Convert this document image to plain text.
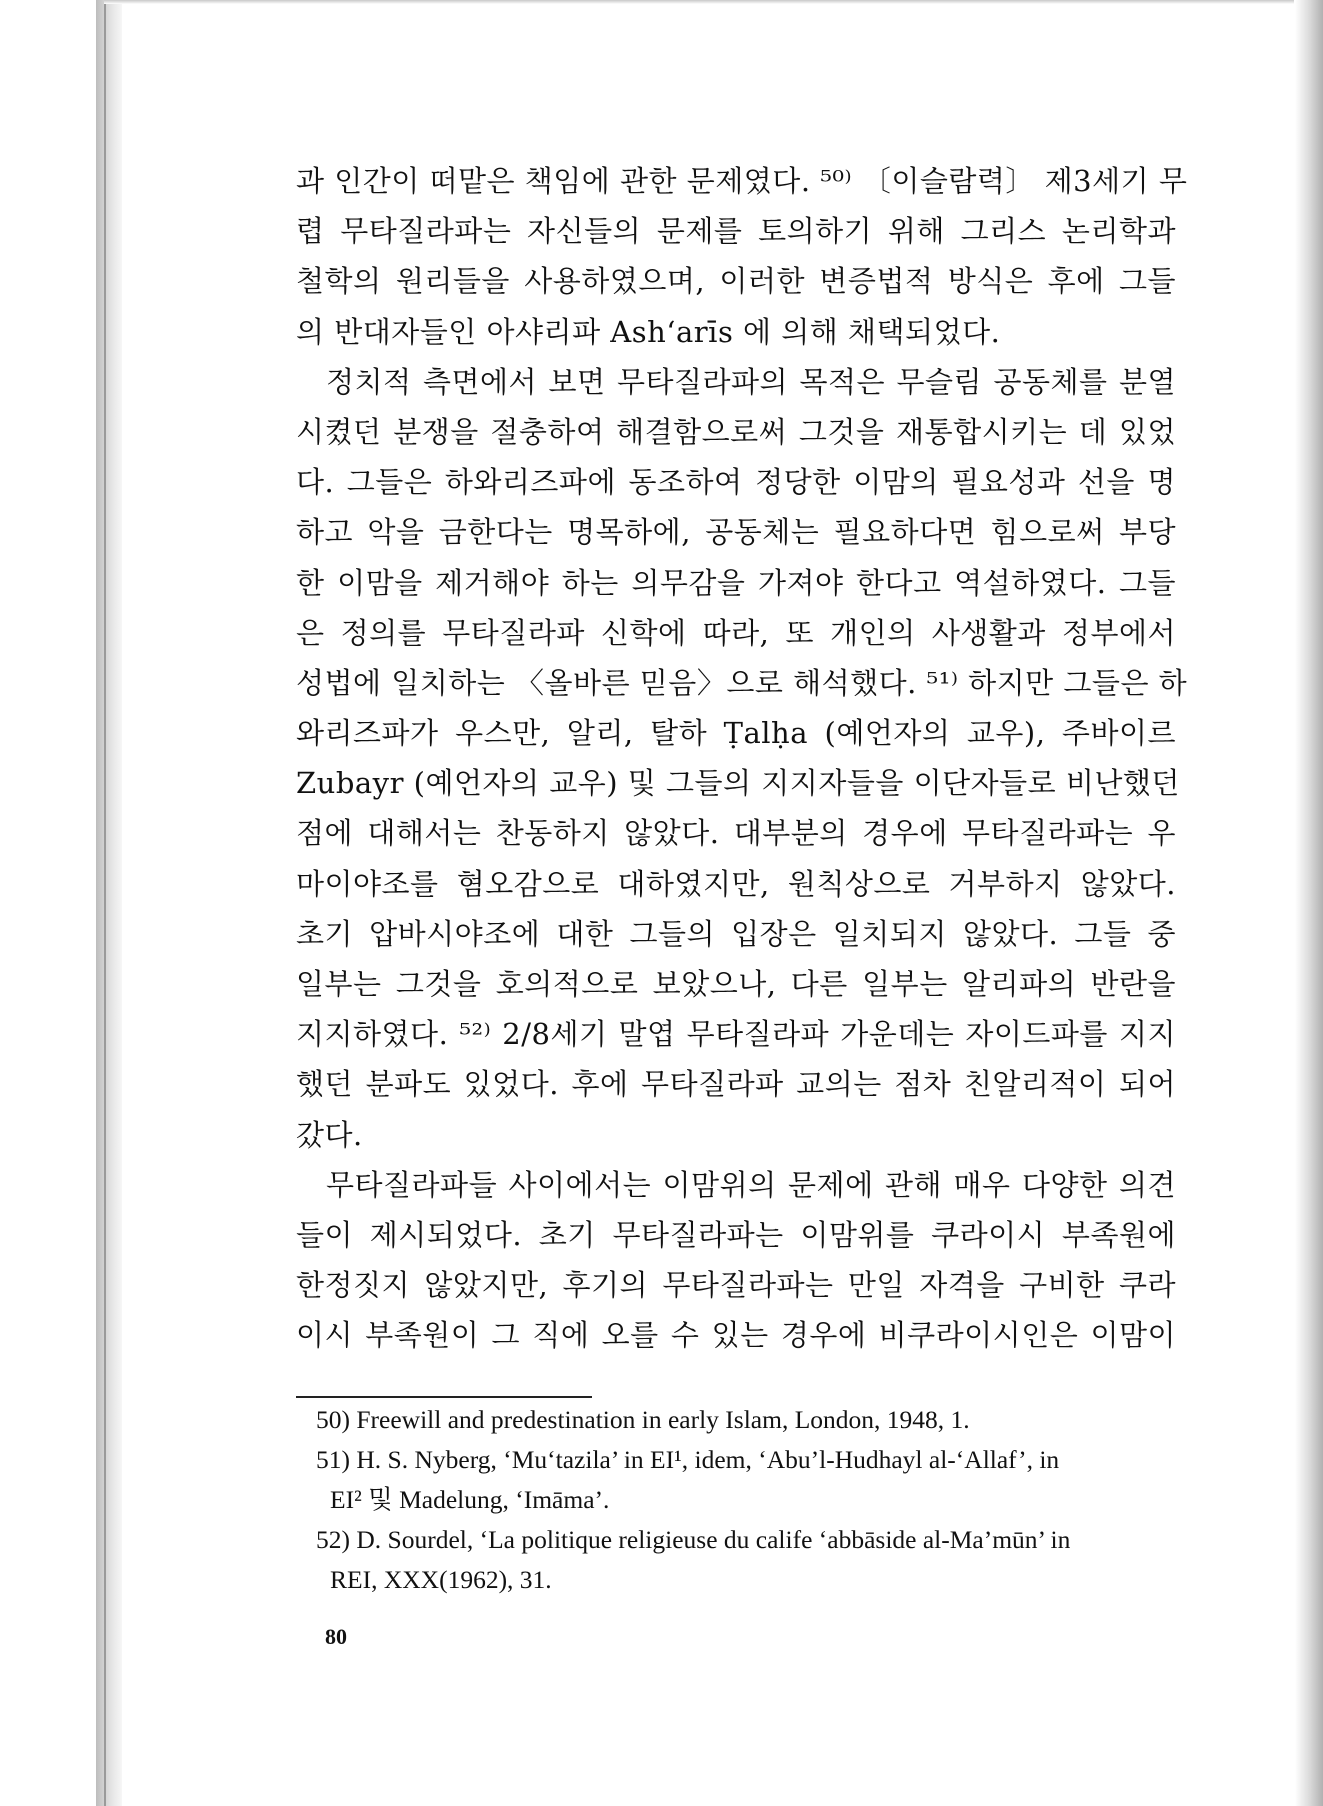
과 인간이 떠맡은 책임에 관한 문제였다. ⁵⁰⁾ 〔이슬람력〕 제3세기 무
렵 무타질라파는 자신들의 문제를 토의하기 위해 그리스 논리학과
철학의 원리들을 사용하였으며, 이러한 변증법적 방식은 후에 그들
의 반대자들인 아샤리파 Ash‘arīs 에 의해 채택되었다.
정치적 측면에서 보면 무타질라파의 목적은 무슬림 공동체를 분열
시켰던 분쟁을 절충하여 해결함으로써 그것을 재통합시키는 데 있었
다. 그들은 하와리즈파에 동조하여 정당한 이맘의 필요성과 선을 명
하고 악을 금한다는 명목하에, 공동체는 필요하다면 힘으로써 부당
한 이맘을 제거해야 하는 의무감을 가져야 한다고 역설하였다. 그들
은 정의를 무타질라파 신학에 따라, 또 개인의 사생활과 정부에서
성법에 일치하는 〈올바른 믿음〉으로 해석했다. ⁵¹⁾ 하지만 그들은 하
와리즈파가 우스만, 알리, 탈하 Ṭalḥa (예언자의 교우), 주바이르
Zubayr (예언자의 교우) 및 그들의 지지자들을 이단자들로 비난했던
점에 대해서는 찬동하지 않았다. 대부분의 경우에 무타질라파는 우
마이야조를 혐오감으로 대하였지만, 원칙상으로 거부하지 않았다.
초기 압바시야조에 대한 그들의 입장은 일치되지 않았다. 그들 중
일부는 그것을 호의적으로 보았으나, 다른 일부는 알리파의 반란을
지지하였다. ⁵²⁾ 2/8세기 말엽 무타질라파 가운데는 자이드파를 지지
했던 분파도 있었다. 후에 무타질라파 교의는 점차 친알리적이 되어
갔다.
무타질라파들 사이에서는 이맘위의 문제에 관해 매우 다양한 의견
들이 제시되었다. 초기 무타질라파는 이맘위를 쿠라이시 부족원에
한정짓지 않았지만, 후기의 무타질라파는 만일 자격을 구비한 쿠라
이시 부족원이 그 직에 오를 수 있는 경우에 비쿠라이시인은 이맘이
50) Freewill and predestination in early Islam, London, 1948, 1.
51) H. S. Nyberg, ‘Mu‘tazila’ in EI¹, idem, ‘Abu’l-Hudhayl al-‘Allaf’, in
EI² 및 Madelung, ‘Imāma’.
52) D. Sourdel, ‘La politique religieuse du calife ‘abbāside al-Ma’mūn’ in
REI, XXX(1962), 31.
80
